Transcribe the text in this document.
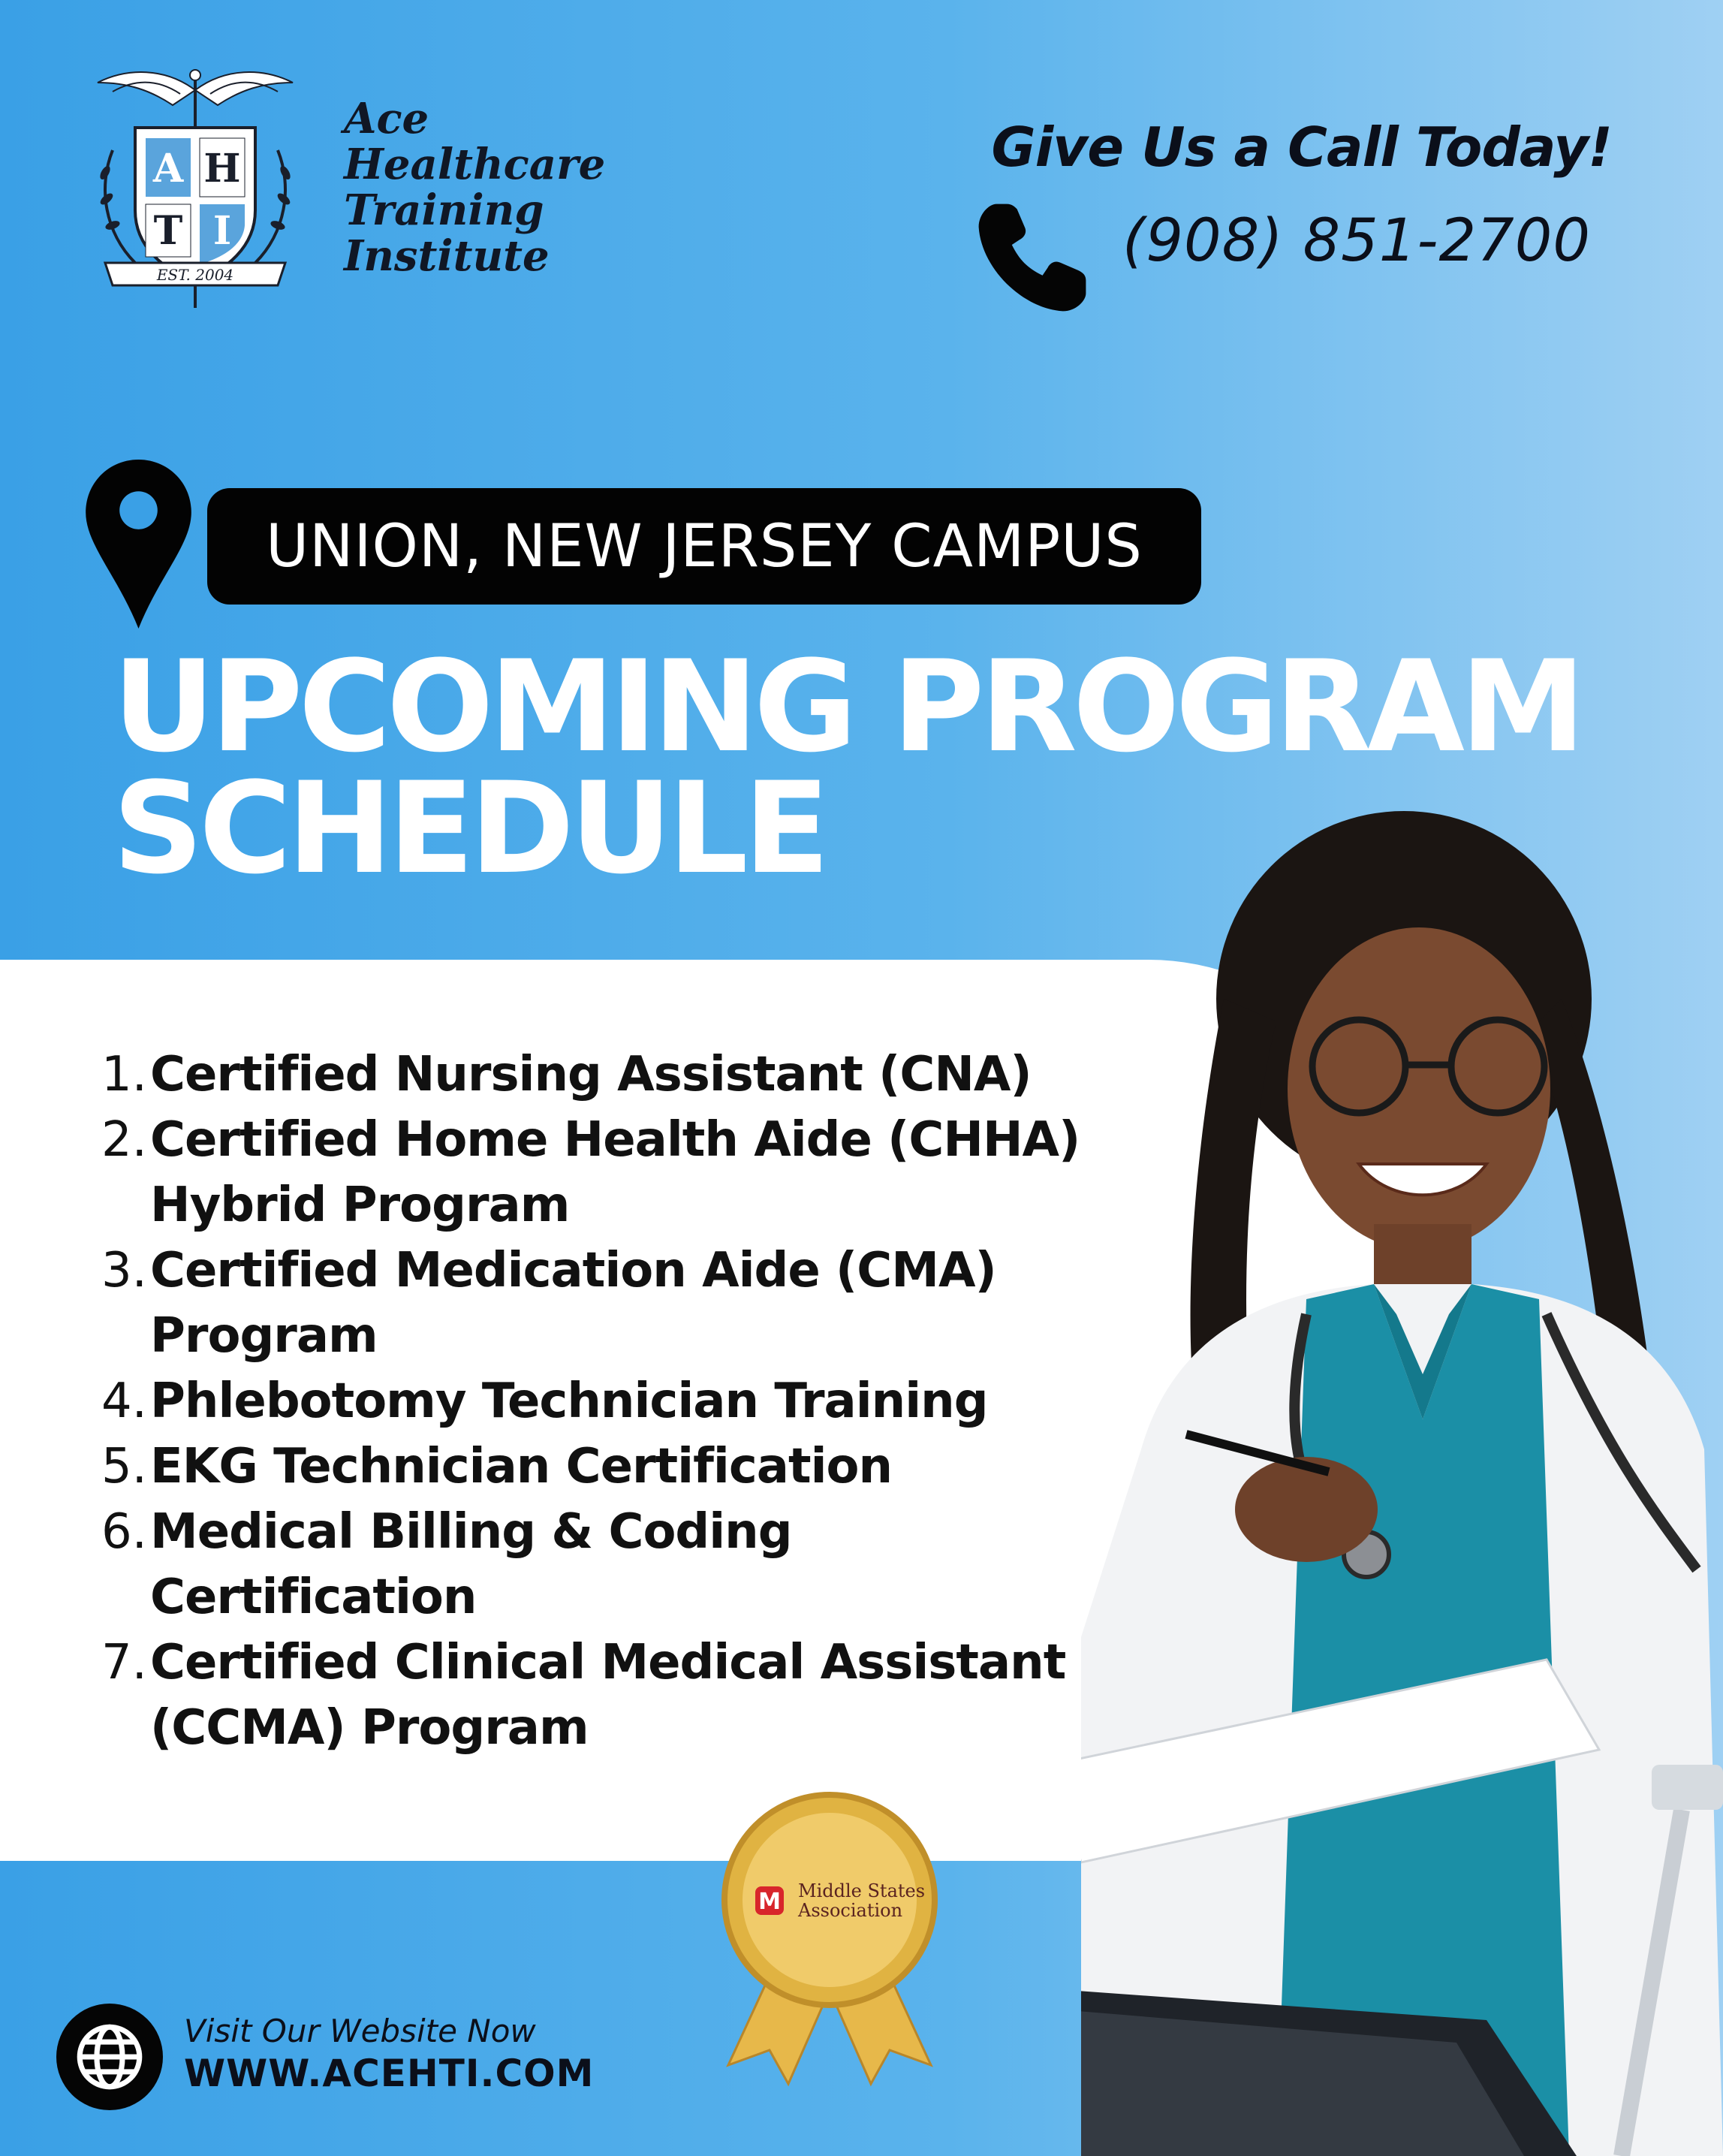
A H
T I
EST. 2004
Ace
Healthcare
Training
Institute
Give Us a Call Today!
(908) 851-2700
UNION, NEW JERSEY CAMPUS
UPCOMING PROGRAM
SCHEDULE
1. Certified Nursing Assistant (CNA)
2. Certified Home Health Aide (CHHA)
Hybrid Program
3. Certified Medication Aide (CMA)
Program
4. Phlebotomy Technician Training
5. EKG Technician Certification
6. Medical Billing & Coding
Certification
7. Certified Clinical Medical Assistant
(CCMA) Program
M Middle States
Association
Visit Our Website Now
WWW.ACEHTI.COM
